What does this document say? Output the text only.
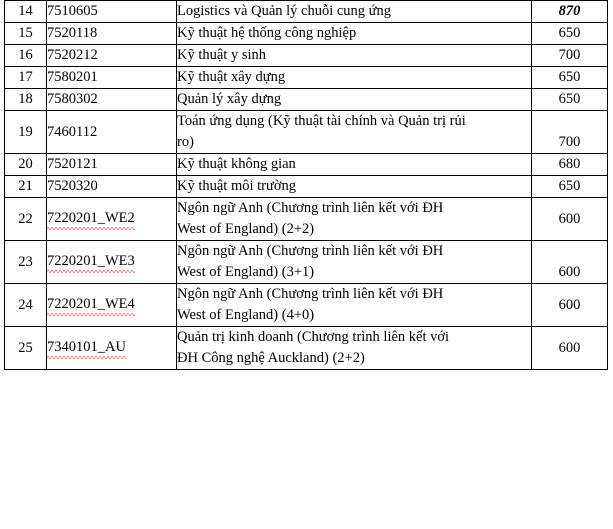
14	7510605	Logistics và Quản lý chuỗi cung ứng	870
15	7520118	Kỹ thuật hệ thống công nghiệp	650
16	7520212	Kỹ thuật y sinh	700
17	7580201	Kỹ thuật xây dựng	650
18	7580302	Quản lý xây dựng	650
19	7460112	Toán ứng dụng (Kỹ thuật tài chính và Quản trị rủi
ro)	700
20	7520121	Kỹ thuật không gian	680
21	7520320	Kỹ thuật môi trường	650
22	7220201_WE2	Ngôn ngữ Anh (Chương trình liên kết với ĐH
West of England) (2+2)	600
23	7220201_WE3	Ngôn ngữ Anh (Chương trình liên kết với ĐH
West of England) (3+1)	600
24	7220201_WE4	Ngôn ngữ Anh (Chương trình liên kết với ĐH
West of England) (4+0)	600
25	7340101_AU	Quản trị kinh doanh (Chương trình liên kết với
ĐH Công nghệ Auckland) (2+2)	600
